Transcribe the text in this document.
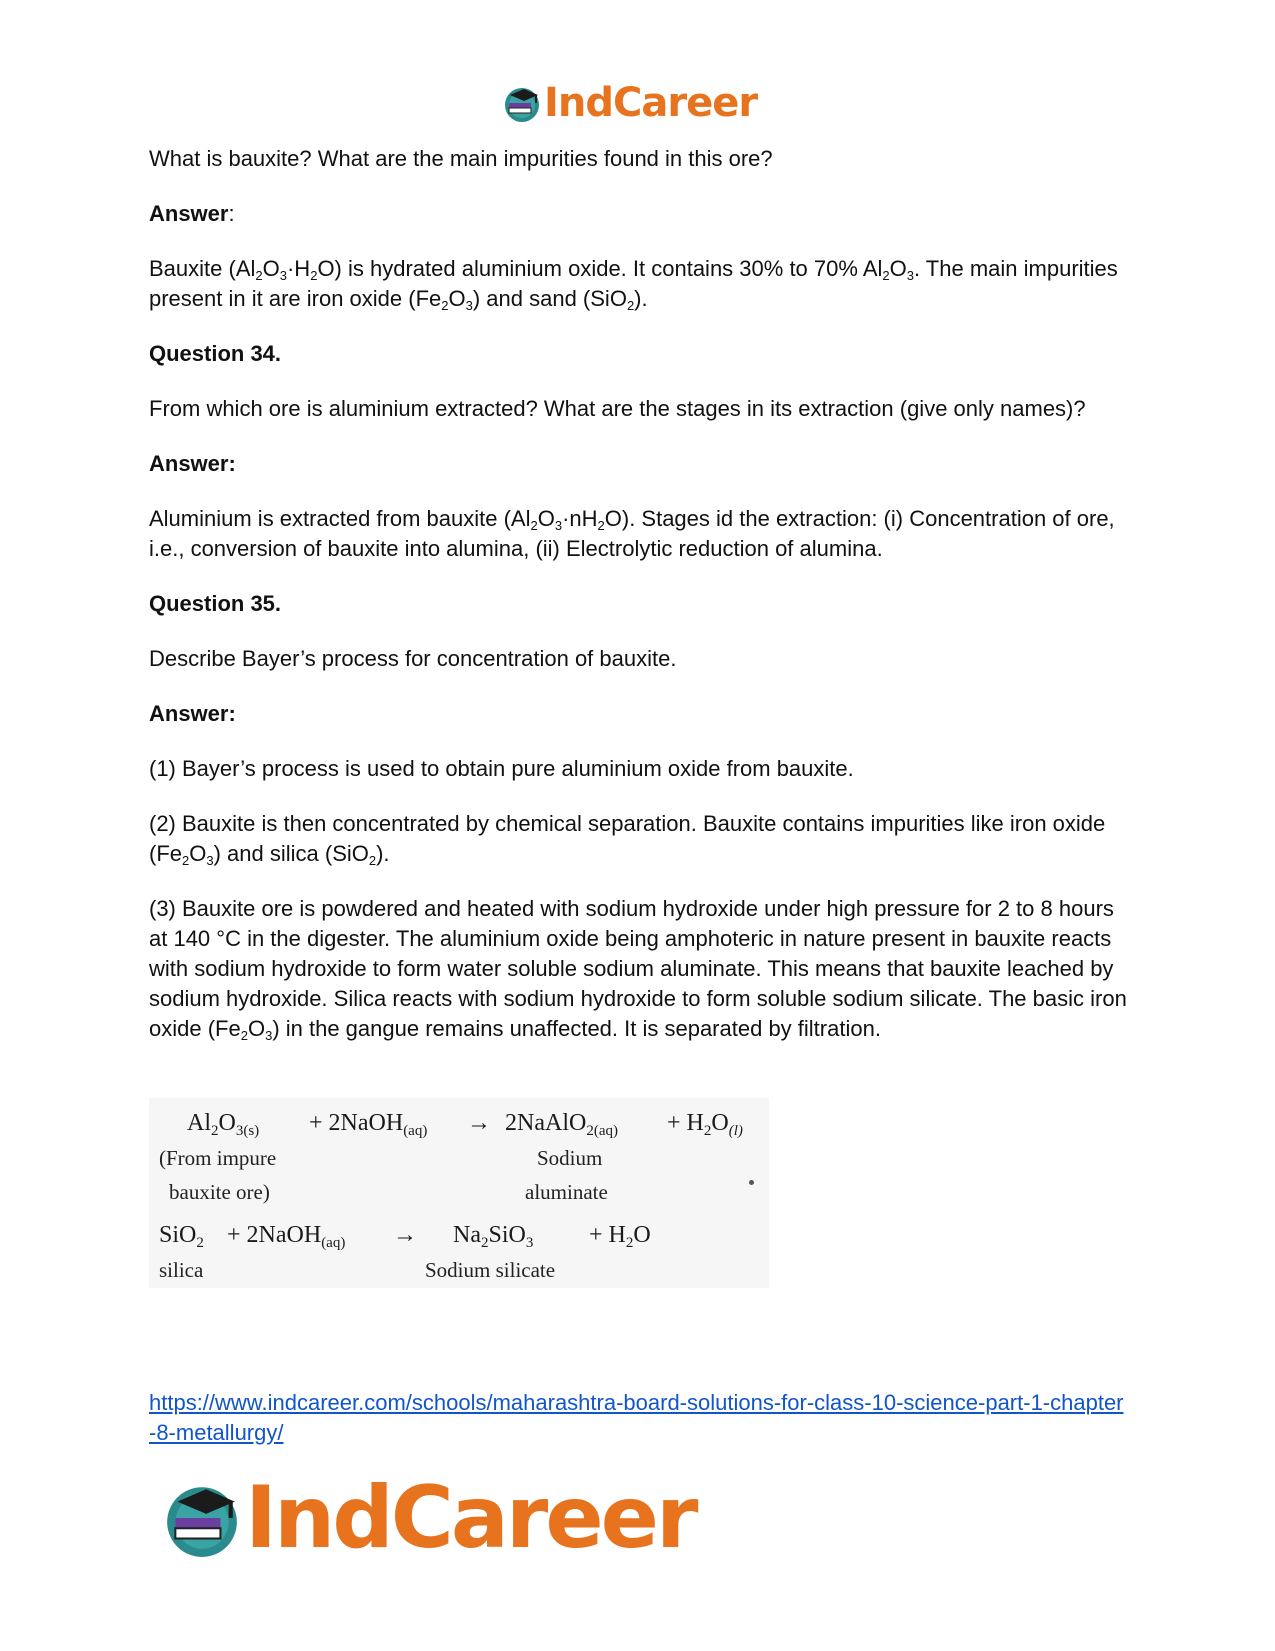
IndCareer

What is bauxite? What are the main impurities found in this ore?

Answer:

Bauxite $(Al_2O_3\cdot H_2O)$ is hydrated aluminium oxide. It contains 30% to 70% $Al_2O_3$. The main impurities present in it are iron oxide $(Fe_2O_3)$ and sand (SiO$_2$).

Question 34.

From which ore is aluminium extracted? What are the stages in its extraction (give only names)?

Answer:

Aluminium is extracted from bauxite $(Al_2O_3\cdot nH_2O)$. Stages id the extraction: (i) Concentration of ore, i.e., conversion of bauxite into alumina, (ii) Electrolytic reduction of alumina.

Question 35.

Describe Bayer’s process for concentration of bauxite.

Answer:

(1) Bayer’s process is used to obtain pure aluminium oxide from bauxite.

(2) Bauxite is then concentrated by chemical separation. Bauxite contains impurities like iron oxide $(Fe_2O_3)$ and silica (SiO$_2$).

(3) Bauxite ore is powdered and heated with sodium hydroxide under high pressure for 2 to 8 hours at 140 °C in the digester. The aluminium oxide being amphoteric in nature present in bauxite reacts with sodium hydroxide to form water soluble sodium aluminate. This means that bauxite leached by sodium hydroxide. Silica reacts with sodium hydroxide to form soluble sodium silicate. The basic iron oxide $(Fe_2O_3)$ in the gangue remains unaffected. It is separated by filtration.

$Al_2O_{3(s)}$ + 2NaOH$_{(aq)}$ → 2NaAlO$_{2(aq)}$ + $H_2O_{(l)}$
(From impure
bauxite ore)
Sodium
aluminate
SiO$_2$ + 2NaOH$_{(aq)}$ → $Na_2SiO_3 + H_2O$
silica	Sodium silicate
https://www.indcareer.com/schools/maharashtra-board-solutions-for-class-10-science-part-1-chapter-8-metallurgy/
IndCareer
